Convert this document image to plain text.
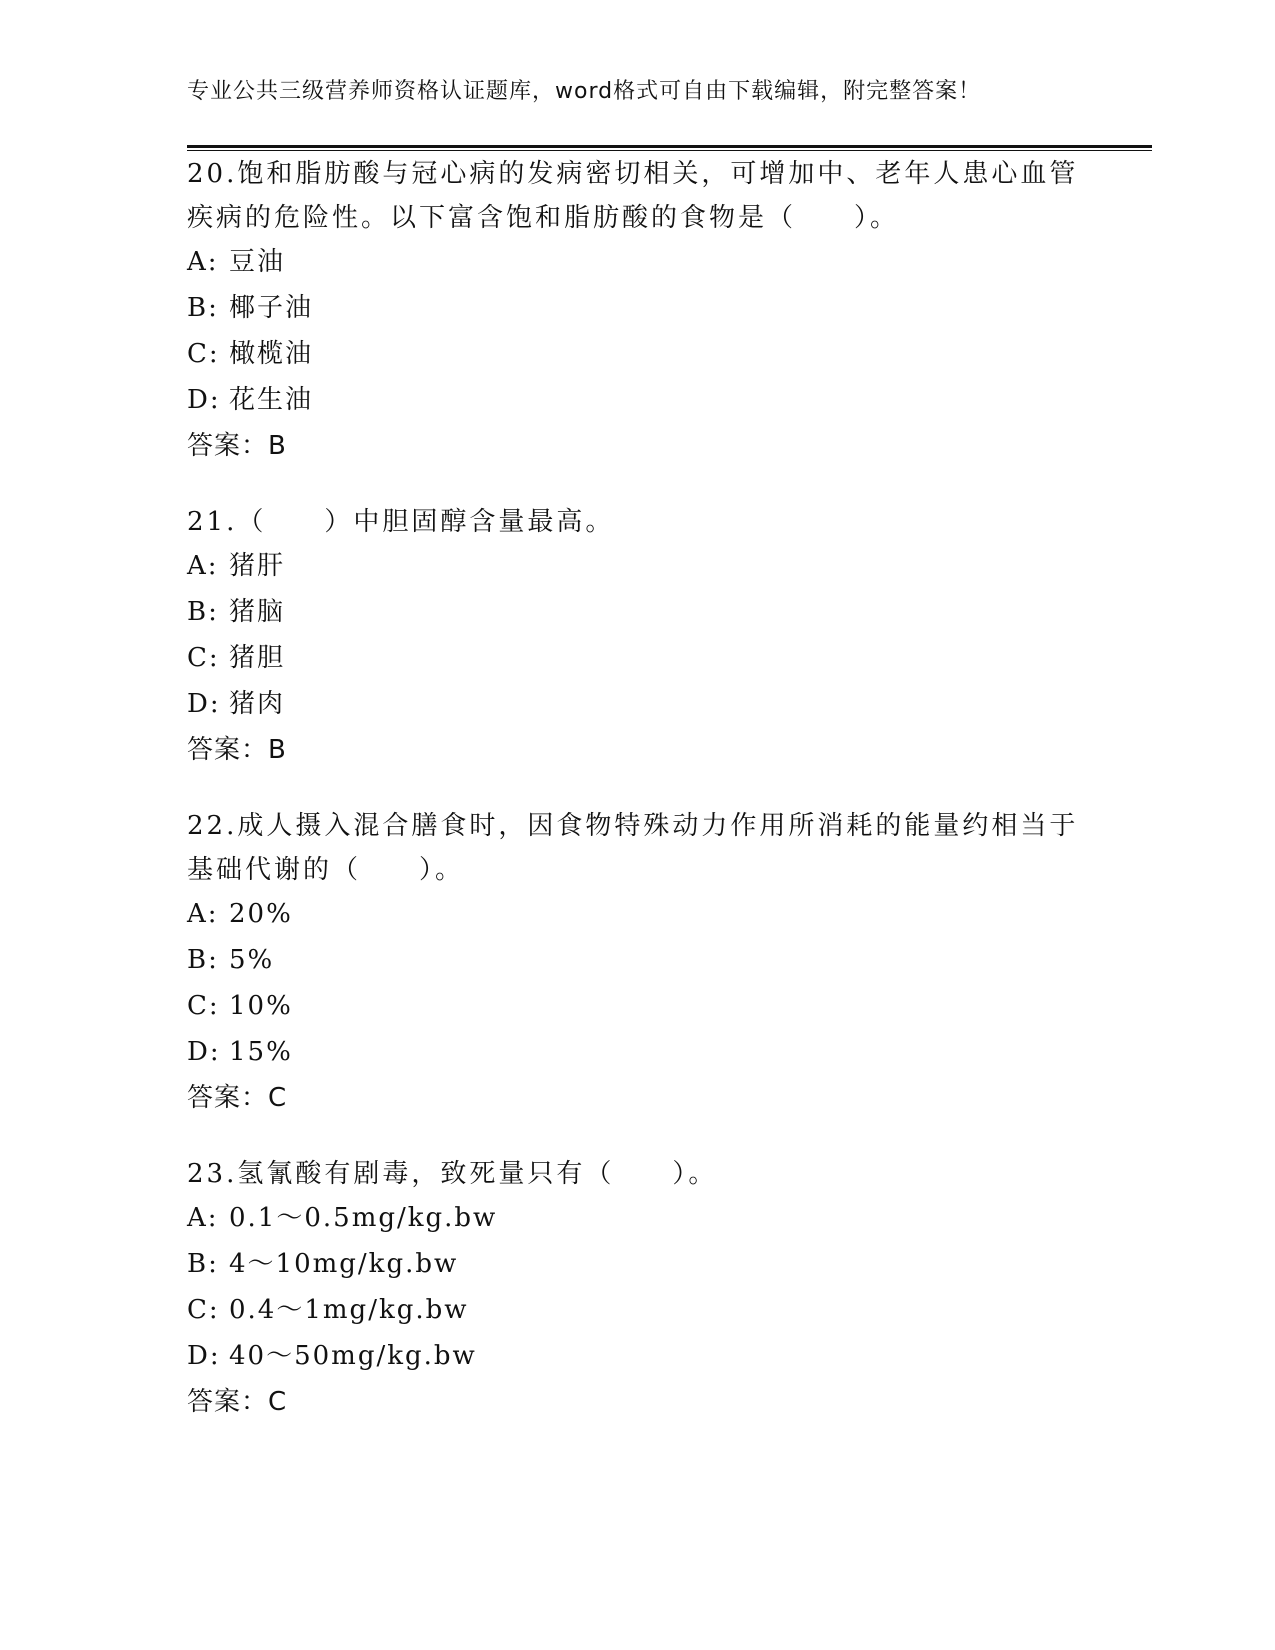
专业公共三级营养师资格认证题库，word格式可自由下载编辑，附完整答案！

20.饱和脂肪酸与冠心病的发病密切相关，可增加中、老年人患心血管疾病的危险性。以下富含饱和脂肪酸的食物是（　　）。

A: 豆油
B: 椰子油
C: 橄榄油
D: 花生油
答案：B

21.（　　）中胆固醇含量最高。

A: 猪肝
B: 猪脑
C: 猪胆
D: 猪肉
答案：B

22.成人摄入混合膳食时，因食物特殊动力作用所消耗的能量约相当于基础代谢的（　　）。

A: 20%
B: 5%
C: 10%
D: 15%
答案：C

23.氢氰酸有剧毒，致死量只有（　　）。

A: 0.1～0.5mg/kg.bw
B: 4～10mg/kg.bw
C: 0.4～1mg/kg.bw
D: 40～50mg/kg.bw
答案：C
